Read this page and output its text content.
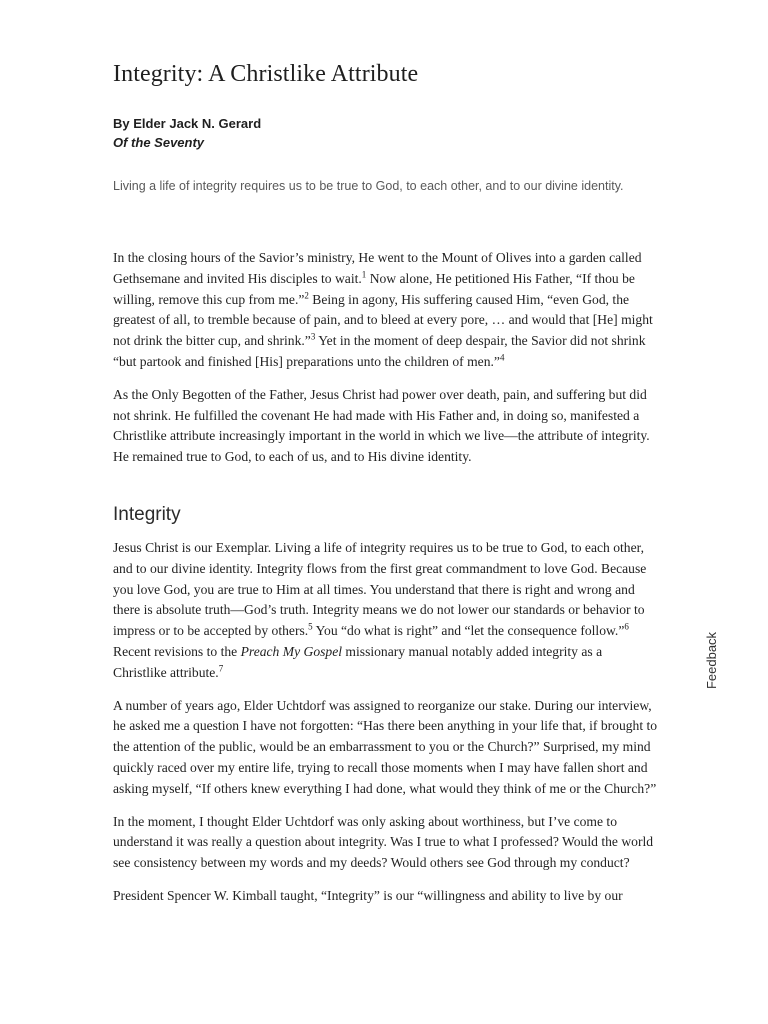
Integrity: A Christlike Attribute
By Elder Jack N. Gerard
Of the Seventy

Living a life of integrity requires us to be true to God, to each other, and to our divine identity.

In the closing hours of the Savior’s ministry, He went to the Mount of Olives into a garden called Gethsemane and invited His disciples to wait.$^1$ Now alone, He petitioned His Father, “If thou be willing, remove this cup from me.”$^2$ Being in agony, His suffering caused Him, “even God, the greatest of all, to tremble because of pain, and to bleed at every pore, … and would that [He] might not drink the bitter cup, and shrink.”$^3$ Yet in the moment of deep despair, the Savior did not shrink “but partook and finished [His] preparations unto the children of men.”$^4$

As the Only Begotten of the Father, Jesus Christ had power over death, pain, and suffering but did not shrink. He fulfilled the covenant He had made with His Father and, in doing so, manifested a Christlike attribute increasingly important in the world in which we live—the attribute of integrity. He remained true to God, to each of us, and to His divine identity.

Integrity

Jesus Christ is our Exemplar. Living a life of integrity requires us to be true to God, to each other, and to our divine identity. Integrity flows from the first great commandment to love God. Because you love God, you are true to Him at all times. You understand that there is right and wrong and there is absolute truth—God’s truth. Integrity means we do not lower our standards or behavior to impress or to be accepted by others.$^5$ You “do what is right” and “let the consequence follow.”$^6$ Recent revisions to the Preach My Gospel missionary manual notably added integrity as a Christlike attribute.$^7$

A number of years ago, Elder Uchtdorf was assigned to reorganize our stake. During our interview, he asked me a question I have not forgotten: “Has there been anything in your life that, if brought to the attention of the public, would be an embarrassment to you or the Church?” Surprised, my mind quickly raced over my entire life, trying to recall those moments when I may have fallen short and asking myself, “If others knew everything I had done, what would they think of me or the Church?”

In the moment, I thought Elder Uchtdorf was only asking about worthiness, but I’ve come to understand it was really a question about integrity. Was I true to what I professed? Would the world see consistency between my words and my deeds? Would others see God through my conduct?

President Spencer W. Kimball taught, “Integrity” is our “willingness and ability to live by our

Feedback
